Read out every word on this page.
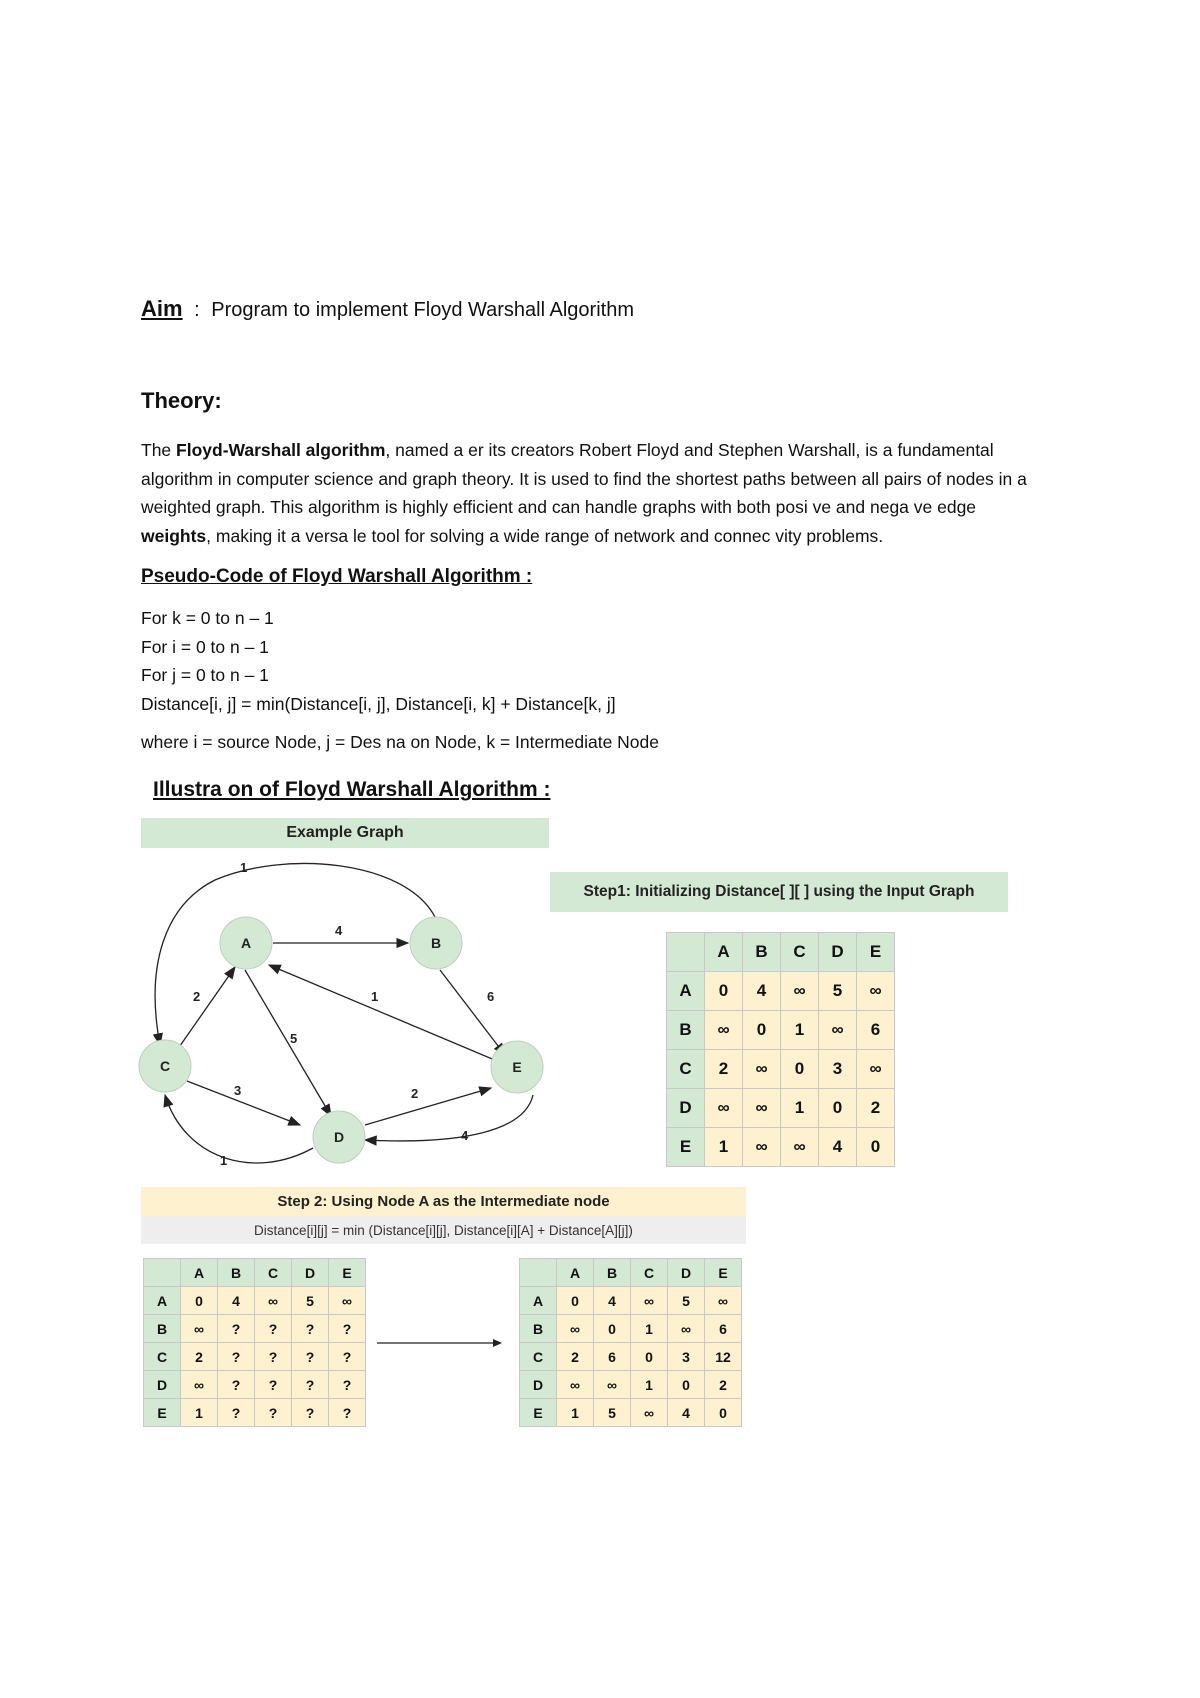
Aim : Program to implement Floyd Warshall Algorithm
Theory:

The Floyd-Warshall algorithm, named a er its creators Robert Floyd and Stephen Warshall, is a fundamental

algorithm in computer science and graph theory. It is used to find the shortest paths between all pairs of nodes in a

weighted graph. This algorithm is highly efficient and can handle graphs with both posi ve and nega ve edge

weights, making it a versa le tool for solving a wide range of network and connec vity problems.

Pseudo-Code of Floyd Warshall Algorithm :
For k = 0 to n – 1
For i = 0 to n – 1
For j = 0 to n – 1
Distance[i, j] = min(Distance[i, j], Distance[i, k] + Distance[k, j]
where i = source Node, j = Des na on Node, k = Intermediate Node
Illustra on of Floyd Warshall Algorithm :
Example Graph
4
1
6
1
2
5
3	2
4
1
A	B
C
D
E
Step1: Initializing Distance[ ][ ] using the Input Graph
	A	B	C	D	E
A	0	4	∞	5	∞
B	∞	0	1	∞	6
C	2	∞	0	3	∞
D	∞	∞	1	0	2
E	1	∞	∞	4	0
Step 2: Using Node A as the Intermediate node
Distance[i][j] = min (Distance[i][j], Distance[i][A] + Distance[A][j])
	A	B	C	D	E
A	0	4	∞	5	∞
B	∞	?	?	?	?
C	2	?	?	?	?
D	∞	?	?	?	?
E	1	?	?	?	?
	A	B	C	D	E
A	0	4	∞	5	∞
B	∞	0	1	∞	6
C	2	6	0	3	12
D	∞	∞	1	0	2
E	1	5	∞	4	0
